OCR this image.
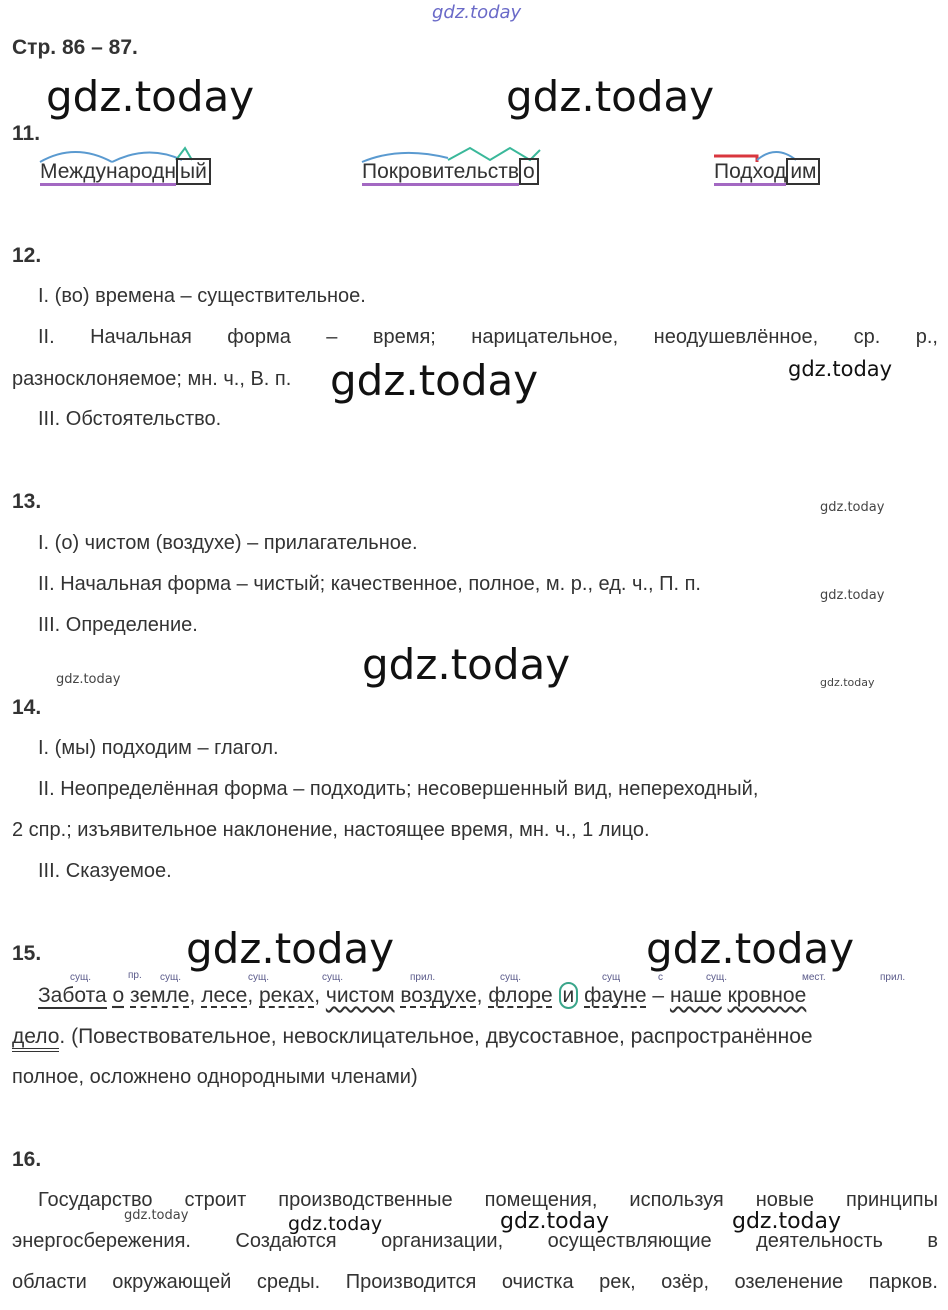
gdz.today
Стр. 86 – 87.
gdz.today	gdz.today
11.
Международн ый	Покровительств о	Подход им
12.
I. (во) времена – существительное.
II. Начальная форма – время; нарицательное, неодушевлённое, ср. р.,
разносклоняемое; мн. ч., В. п. gdz.today	gdz.today
III. Обстоятельство.
13.	gdz.today
I. (о) чистом (воздухе) – прилагательное.
II. Начальная форма – чистый; качественное, полное, м. р., ед. ч., П. п.
gdz.today
III. Определение.
gdz.today
gdz.today	gdz.today
14.
I. (мы) подходим – глагол.
II. Неопределённая форма – подходить; несовершенный вид, непереходный,
2 спр.; изъявительное наклонение, настоящее время, мн. ч., 1 лицо.
III. Сказуемое.
15.	gdz.today	gdz.today
сущ.	пр. сущ.	сущ.	сущ.	прил.	сущ.	сущ	с	сущ.	мест.	прил.
Забота о земле, лесе, реках, чистом воздухе, флоре и фауне – наше кровное
дело. (Повествовательное, невосклицательное, двусоставное, распространённое
полное, осложнено однородными членами)
16.
Государство строит производственные помещения, используя новые принципы
gdz.today	gdz.today	gdz.today	gdz.today
энергосбережения. Создаются организации, осуществляющие деятельность в
области окружающей среды. Производится очистка рек, озёр, озеленение парков.
